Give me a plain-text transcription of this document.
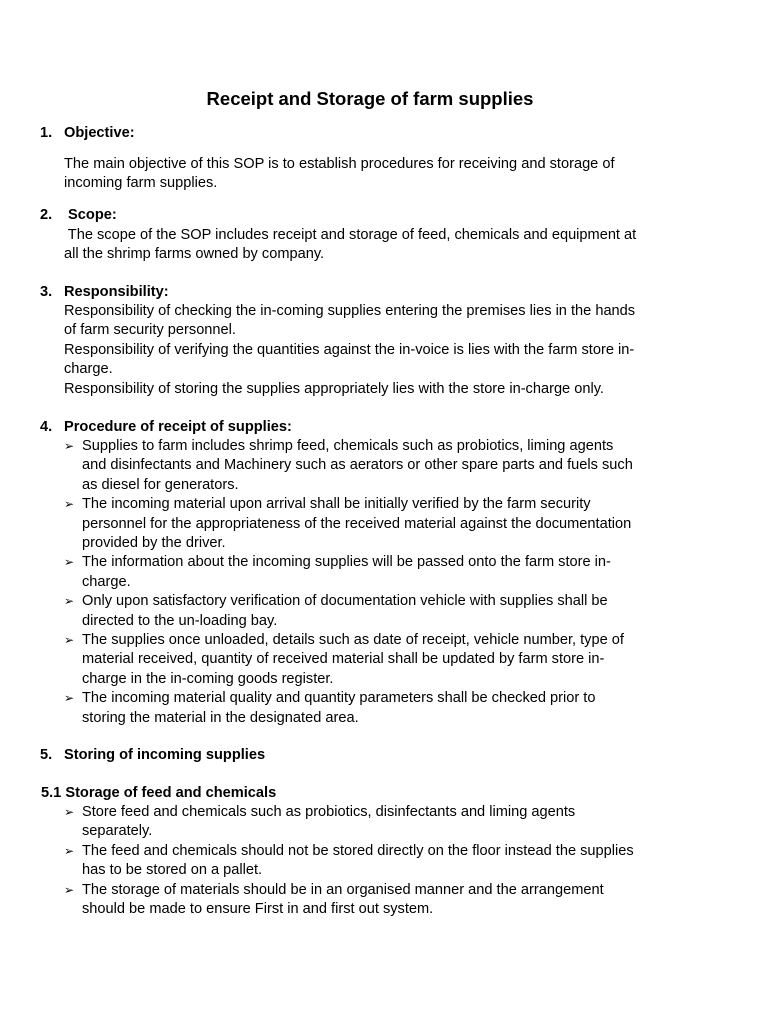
Receipt and Storage of farm supplies
1. Objective:
The main objective of this SOP is to establish procedures for receiving and storage of
incoming farm supplies.
2. Scope:
The scope of the SOP includes receipt and storage of feed, chemicals and equipment at
all the shrimp farms owned by company.
3. Responsibility:
Responsibility of checking the in-coming supplies entering the premises lies in the hands
of farm security personnel.
Responsibility of verifying the quantities against the in-voice is lies with the farm store in-
charge.
Responsibility of storing the supplies appropriately lies with the store in-charge only.
4. Procedure of receipt of supplies:
➢ Supplies to farm includes shrimp feed, chemicals such as probiotics, liming agents
and disinfectants and Machinery such as aerators or other spare parts and fuels such
as diesel for generators.
➢ The incoming material upon arrival shall be initially verified by the farm security
personnel for the appropriateness of the received material against the documentation
provided by the driver.
➢ The information about the incoming supplies will be passed onto the farm store in-
charge.
➢ Only upon satisfactory verification of documentation vehicle with supplies shall be
directed to the un-loading bay.
➢ The supplies once unloaded, details such as date of receipt, vehicle number, type of
material received, quantity of received material shall be updated by farm store in-
charge in the in-coming goods register.
➢ The incoming material quality and quantity parameters shall be checked prior to
storing the material in the designated area.
5. Storing of incoming supplies
5.1 Storage of feed and chemicals
➢ Store feed and chemicals such as probiotics, disinfectants and liming agents
separately.
➢ The feed and chemicals should not be stored directly on the floor instead the supplies
has to be stored on a pallet.
➢ The storage of materials should be in an organised manner and the arrangement
should be made to ensure First in and first out system.
